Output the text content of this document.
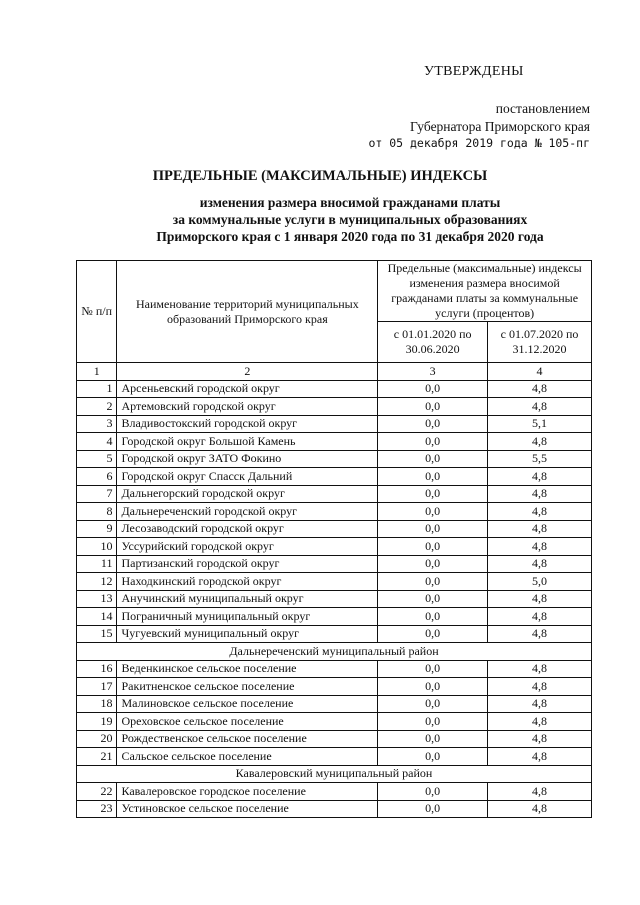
УТВЕРЖДЕНЫ
постановлением
Губернатора Приморского края
от 05 декабря 2019 года № 105-пг
ПРЕДЕЛЬНЫЕ (МАКСИМАЛЬНЫЕ) ИНДЕКСЫ
изменения размера вносимой гражданами платы
за коммунальные услуги в муниципальных образованиях
Приморского края с 1 января 2020 года по 31 декабря 2020 года
№ п/п	Наименование территорий муниципальных образований Приморского края	Предельные (максимальные) индексы изменения размера вносимой гражданами платы за коммунальные услуги (процентов)	
		с 01.01.2020 по 30.06.2020	с 01.07.2020 по 31.12.2020
1	2	3	4
1	Арсеньевский городской округ	0,0	4,8
2	Артемовский городской округ	0,0	4,8
3	Владивостокский городской округ	0,0	5,1
4	Городской округ Большой Камень	0,0	4,8
5	Городской округ ЗАТО Фокино	0,0	5,5
6	Городской округ Спасск Дальний	0,0	4,8
7	Дальнегорский городской округ	0,0	4,8
8	Дальнереченский городской округ	0,0	4,8
9	Лесозаводский городской округ	0,0	4,8
10	Уссурийский городской округ	0,0	4,8
11	Партизанский городской округ	0,0	4,8
12	Находкинский городской округ	0,0	5,0
13	Анучинский муниципальный округ	0,0	4,8
14	Пограничный муниципальный округ	0,0	4,8
15	Чугуевский муниципальный округ	0,0	4,8
Дальнереченский муниципальный район			
16	Веденкинское сельское поселение	0,0	4,8
17	Ракитненское сельское поселение	0,0	4,8
18	Малиновское сельское поселение	0,0	4,8
19	Ореховское сельское поселение	0,0	4,8
20	Рождественское сельское поселение	0,0	4,8
21	Сальское сельское поселение	0,0	4,8
Кавалеровский муниципальный район			
22	Кавалеровское городское поселение	0,0	4,8
23	Устиновское сельское поселение	0,0	4,8
